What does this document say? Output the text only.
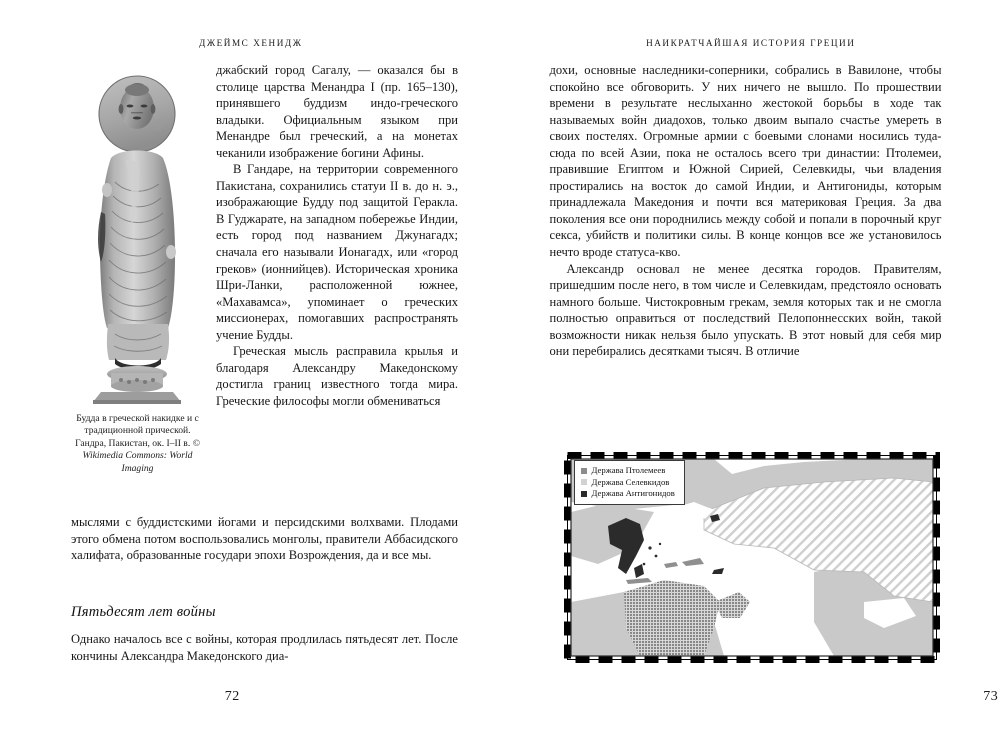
ДЖЕЙМС ХЕНИДЖ
Будда в греческой накидке и с традиционной прической. Гандра, Пакистан, ок. I–II в. © Wikimedia Commons: World Imaging

джабский город Сагалу, — оказался бы в столице царства Менандра I (пр. 165–130), принявшего буддизм индо-греческого владыки. Официальным языком при Менандре был греческий, а на монетах чеканили изображение богини Афины.

В Гандаре, на территории современного Пакистана, сохранились статуи II в. до н. э., изображающие Будду под защитой Геракла. В Гуджарате, на западном побережье Индии, есть город под названием Джунагадх; сначала его называли Ионагадх, или «город греков» (ионнийцев). Историческая хроника Шри-Ланки, расположенной южнее, «Махавамса», упоминает о греческих миссионерах, помогавших распространять учение Будды.

Греческая мысль расправила крылья и благодаря Александру Македонскому достигла границ известного тогда мира. Греческие философы могли обмениваться

мыслями с буддистскими йогами и персидскими волхвами. Плодами этого обмена потом воспользовались монголы, правители Аббасидского халифата, образованные государи эпохи Возрождения, да и все мы.

Пятьдесят лет войны

Однако началось все с войны, которая продлилась пятьдесят лет. После кончины Александра Македонского диа-

72
НАИКРАТЧАЙШАЯ ИСТОРИЯ ГРЕЦИИ

дохи, основные наследники-соперники, собрались в Вавилоне, чтобы спокойно все обговорить. У них ничего не вышло. По прошествии времени в результате неслыханно жестокой борьбы в ходе так называемых войн диадохов, только двоим выпало счастье умереть в своих постелях. Огромные армии с боевыми слонами носились туда-сюда по всей Азии, пока не осталось всего три династии: Птолемеи, правившие Египтом и Южной Сирией, Селевкиды, чьи владения простирались на восток до самой Индии, и Антигониды, которым принадлежала Македония и почти вся материковая Греция. За два поколения все они породнились между собой и попали в порочный круг секса, убийств и политики силы. В конце концов все же установилось нечто вроде статуса-кво.

Александр основал не менее десятка городов. Правителям, пришедшим после него, в том числе и Селевкидам, предстояло основать намного больше. Чистокровным грекам, земля которых так и не смогла полностью оправиться от последствий Пелопоннесских войн, такой возможности никак нельзя было упускать. В этот новый для себя мир они перебирались десятками тысяч. В отличие

Держава Птолемеев
Держава Селевкидов
Держава Антигонидов
73
